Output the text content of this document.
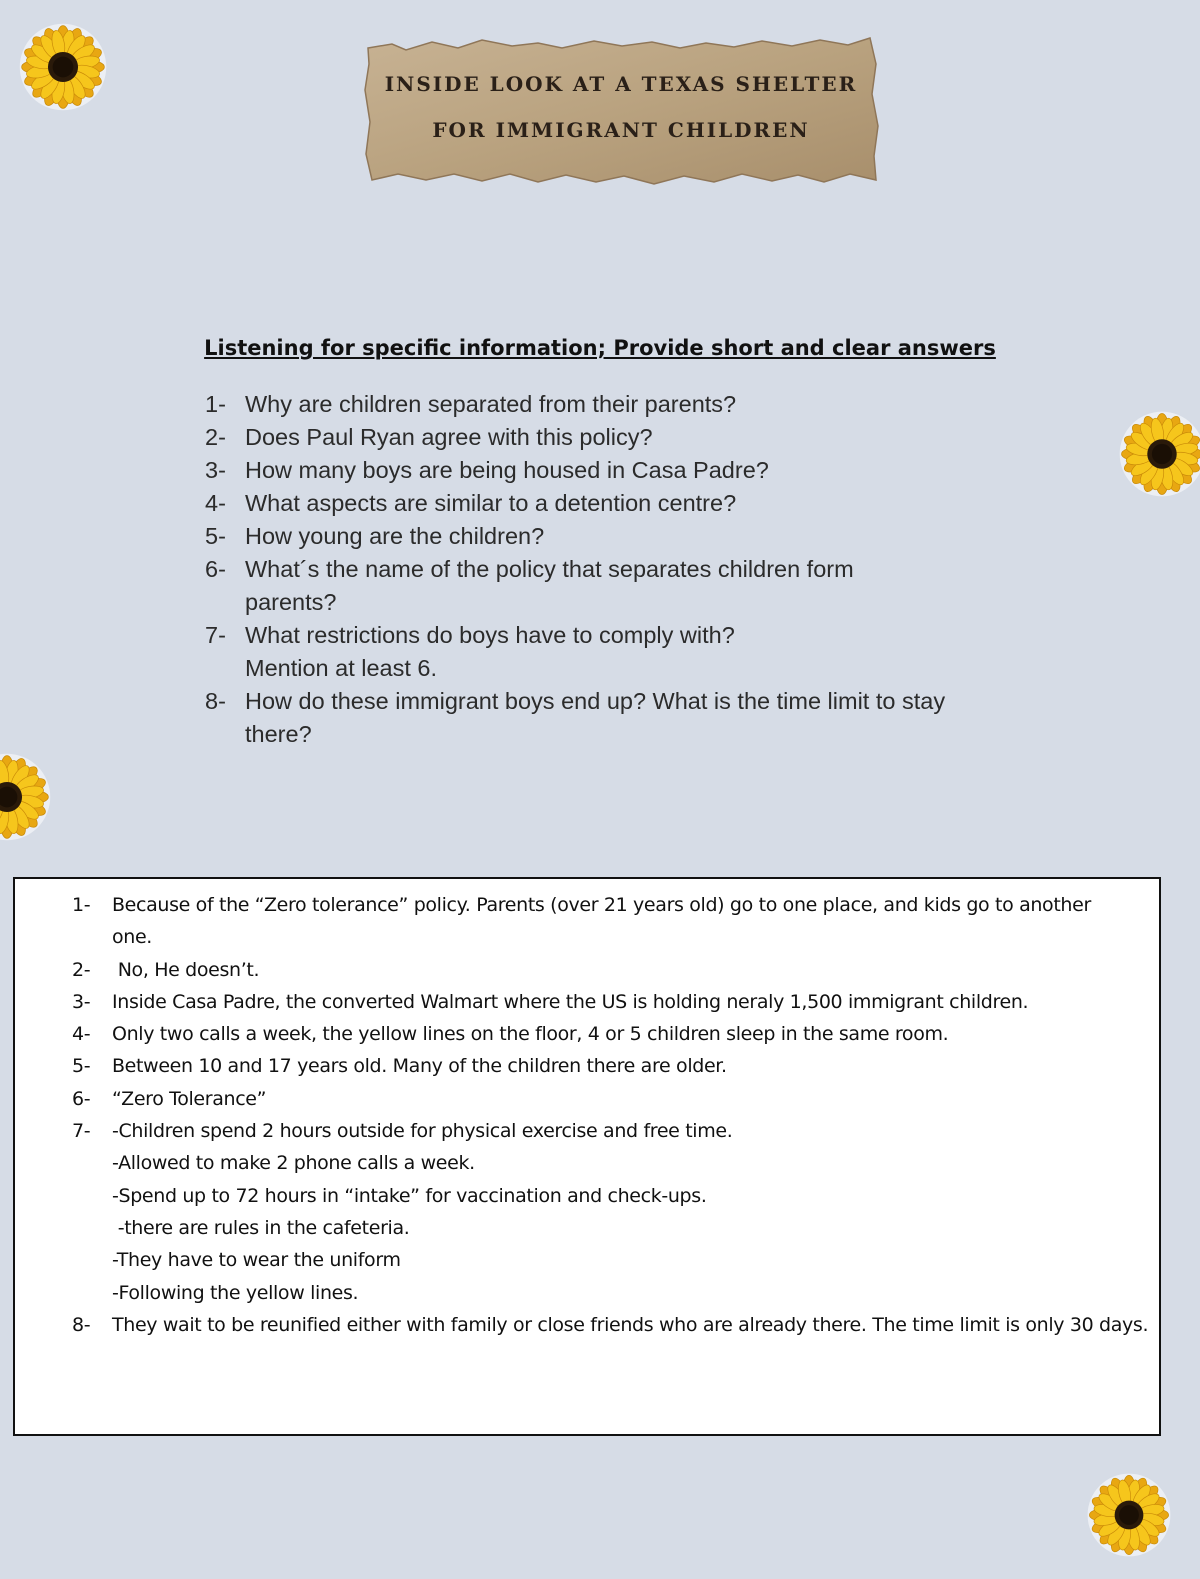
INSIDE LOOK AT A TEXAS SHELTER
FOR IMMIGRANT CHILDREN
Listening for specific information; Provide short and clear answers
1- Why are children separated from their parents?
2- Does Paul Ryan agree with this policy?
3- How many boys are being housed in Casa Padre?
4- What aspects are similar to a detention centre?
5- How young are the children?
6- What´s the name of the policy that separates children form parents?
7- What restrictions do boys have to comply with?
Mention at least 6.
8- How do these immigrant boys end up? What is the time limit to stay there?
1-	Because of the “Zero tolerance” policy. Parents (over 21 years old) go to one place, and kids go to another one.
2-	No, He doesn’t.
3-	Inside Casa Padre, the converted Walmart where the US is holding neraly 1,500 immigrant children.
4-	Only two calls a week, the yellow lines on the floor, 4 or 5 children sleep in the same room.
5-	Between 10 and 17 years old. Many of the children there are older.
6-	“Zero Tolerance”
7-	-Children spend 2 hours outside for physical exercise and free time.
-Allowed to make 2 phone calls a week.
-Spend up to 72 hours in “intake” for vaccination and check-ups.
-there are rules in the cafeteria.
-They have to wear the uniform
-Following the yellow lines.
8-	They wait to be reunified either with family or close friends who are already there. The time limit is only 30 days.
